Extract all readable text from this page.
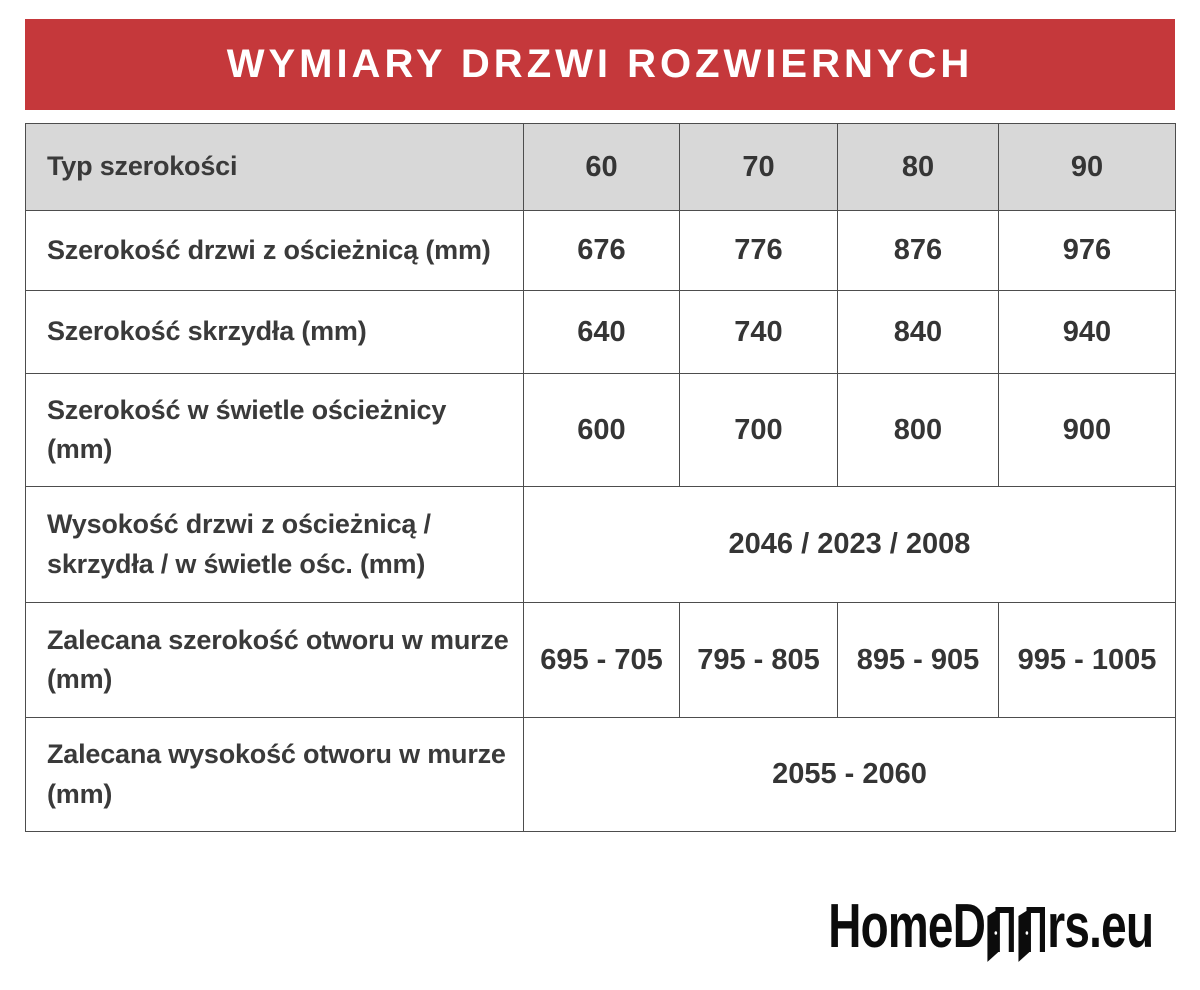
WYMIARY DRZWI ROZWIERNYCH
Typ szerokości	60	70	80	90
Szerokość drzwi z ościeżnicą (mm)	676	776	876	976
Szerokość skrzydła (mm)	640	740	840	940
Szerokość w świetle ościeżnicy (mm)	600	700	800	900
Wysokość drzwi z ościeżnicą / skrzydła / w świetle ośc. (mm)	2046 / 2023 / 2008			
Zalecana szerokość otworu w murze (mm)	695 - 705	795 - 805	895 - 905	995 - 1005
Zalecana wysokość otworu w murze (mm)	2055 - 2060			
HomeD rs.eu
